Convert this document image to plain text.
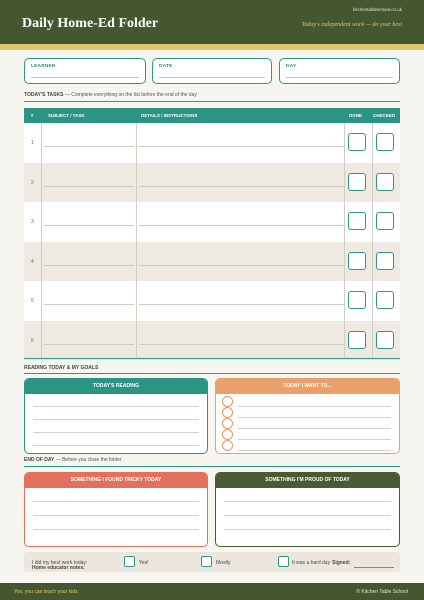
Daily Home-Ed Folder
kitchentableschool.co.uk
Today's independent work — do your best
LEARNER	DATE	DAY
TODAY'S TASKS — Complete everything on the list before the end of the day
#	SUBJECT / TASK	DETAILS / INSTRUCTIONS	DONE CHECKED
1
2
3
4
5
6
READING TODAY & MY GOALS
TODAY'S READING	TODAY I WANT TO...
END OF DAY — Before you close the folder
SOMETHING I FOUND TRICKY TODAY	SOMETHING I'M PROUD OF TODAY
I did my best work today:
Home educator notes:
Yes!	Mostly	It was a hard day Signed:
Yes, you can teach your kids.	© Kitchen Table School
